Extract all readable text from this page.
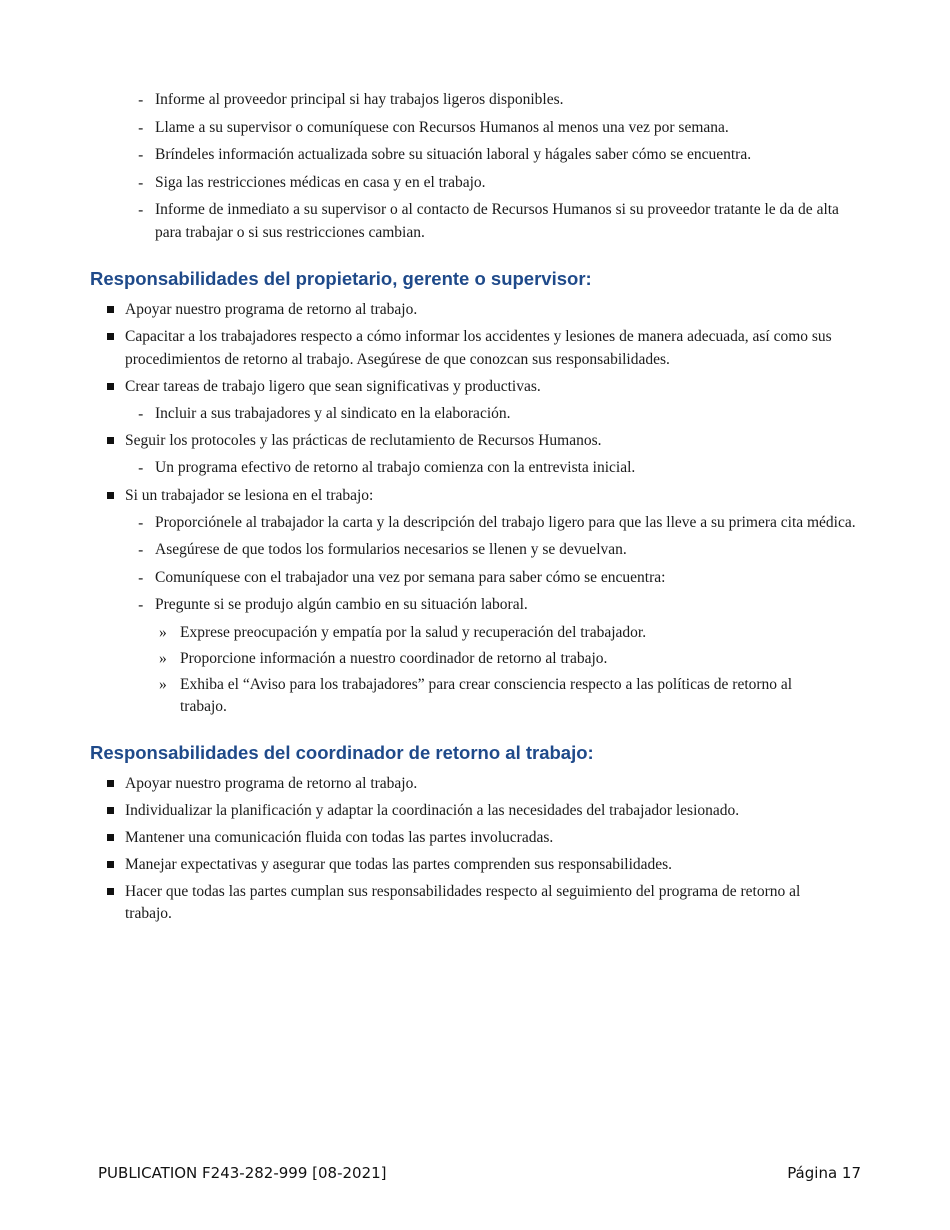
- Informe al proveedor principal si hay trabajos ligeros disponibles.
- Llame a su supervisor o comuníquese con Recursos Humanos al menos una vez por semana.
- Bríndeles información actualizada sobre su situación laboral y hágales saber cómo se encuentra.
- Siga las restricciones médicas en casa y en el trabajo.
- Informe de inmediato a su supervisor o al contacto de Recursos Humanos si su proveedor tratante le da de alta para trabajar o si sus restricciones cambian.
Responsabilidades del propietario, gerente o supervisor:
Apoyar nuestro programa de retorno al trabajo.
Capacitar a los trabajadores respecto a cómo informar los accidentes y lesiones de manera adecuada, así como sus procedimientos de retorno al trabajo. Asegúrese de que conozcan sus responsabilidades.
Crear tareas de trabajo ligero que sean significativas y productivas.
- Incluir a sus trabajadores y al sindicato en la elaboración.
Seguir los protocoles y las prácticas de reclutamiento de Recursos Humanos.
- Un programa efectivo de retorno al trabajo comienza con la entrevista inicial.
Si un trabajador se lesiona en el trabajo:
- Proporciónele al trabajador la carta y la descripción del trabajo ligero para que las lleve a su primera cita médica.
- Asegúrese de que todos los formularios necesarios se llenen y se devuelvan.
- Comuníquese con el trabajador una vez por semana para saber cómo se encuentra:
- Pregunte si se produjo algún cambio en su situación laboral.
» Exprese preocupación y empatía por la salud y recuperación del trabajador.
» Proporcione información a nuestro coordinador de retorno al trabajo.
» Exhiba el “Aviso para los trabajadores” para crear consciencia respecto a las políticas de retorno al trabajo.
Responsabilidades del coordinador de retorno al trabajo:
Apoyar nuestro programa de retorno al trabajo.
Individualizar la planificación y adaptar la coordinación a las necesidades del trabajador lesionado.
Mantener una comunicación fluida con todas las partes involucradas.
Manejar expectativas y asegurar que todas las partes comprenden sus responsabilidades.
Hacer que todas las partes cumplan sus responsabilidades respecto al seguimiento del programa de retorno al trabajo.
PUBLICATION F243-282-999 [08-2021]	Página 17
